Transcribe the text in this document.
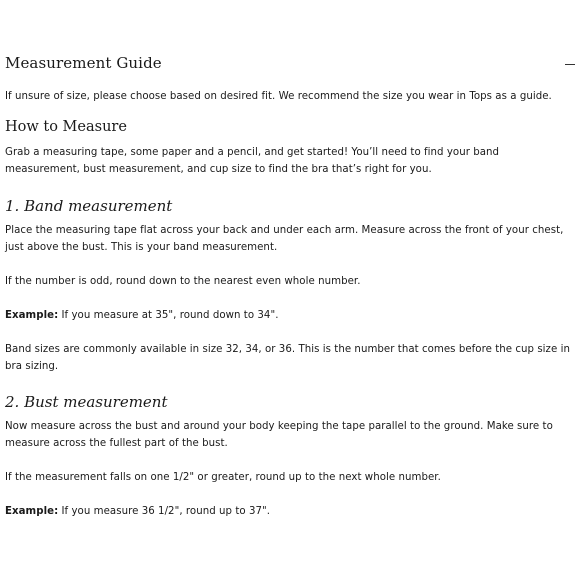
Measurement Guide

If unsure of size, please choose based on desired fit. We recommend the size you wear in Tops as a guide.

How to Measure

Grab a measuring tape, some paper and a pencil, and get started! You’ll need to find your band measurement, bust measurement, and cup size to find the bra that’s right for you.

1. Band measurement

Place the measuring tape flat across your back and under each arm. Measure across the front of your chest, just above the bust. This is your band measurement.

If the number is odd, round down to the nearest even whole number.

Example: If you measure at 35", round down to 34".

Band sizes are commonly available in size 32, 34, or 36. This is the number that comes before the cup size in bra sizing.

2. Bust measurement

Now measure across the bust and around your body keeping the tape parallel to the ground. Make sure to measure across the fullest part of the bust.

If the measurement falls on one 1/2" or greater, round up to the next whole number.

Example: If you measure 36 1/2", round up to 37".
